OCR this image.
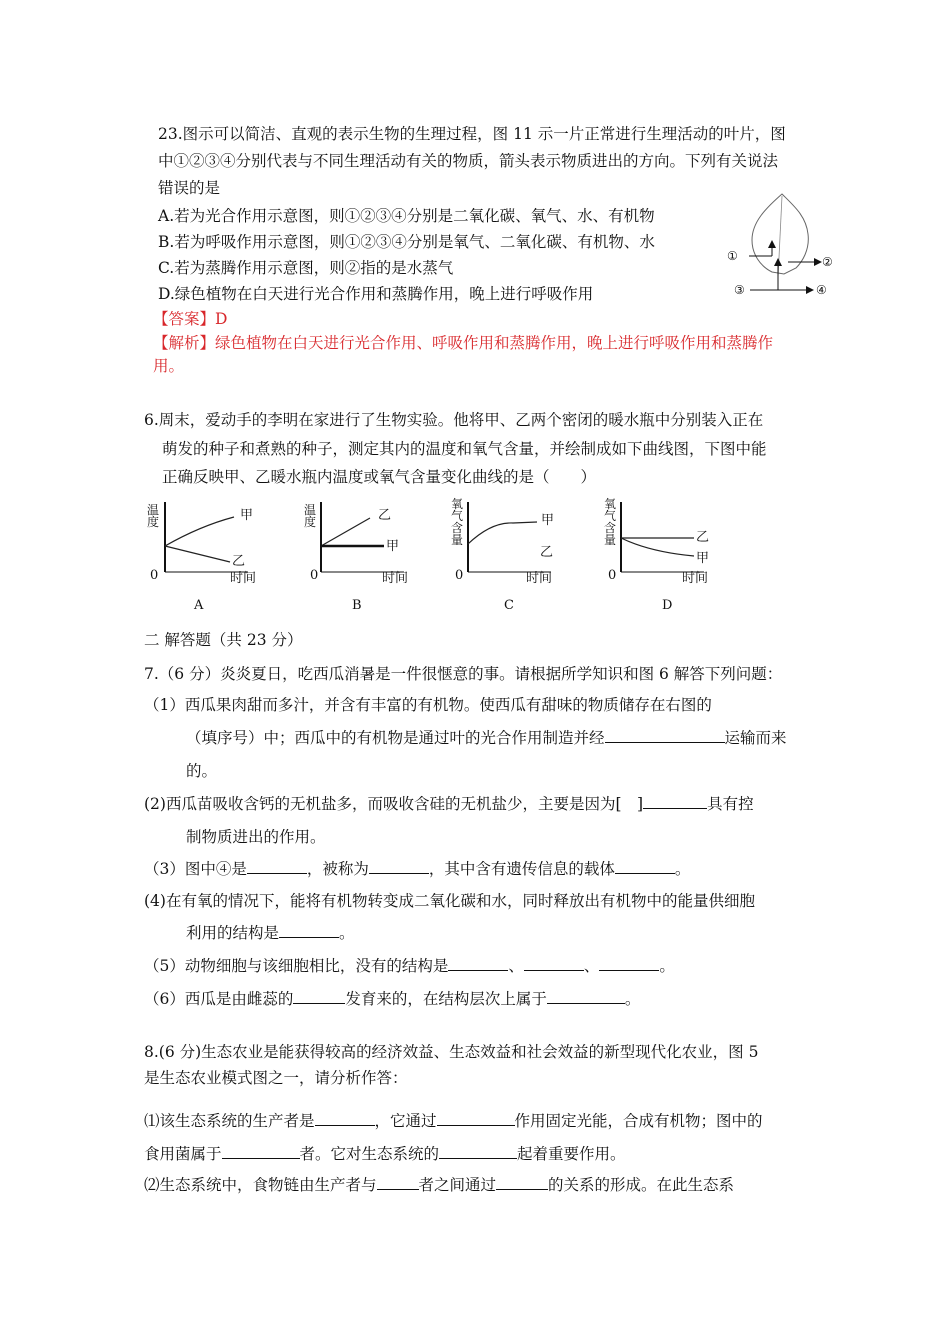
23.图示可以简洁、直观的表示生物的生理过程，图 11 示一片正常进行生理活动的叶片，图
中①②③④分别代表与不同生理活动有关的物质，箭头表示物质进出的方向。下列有关说法
错误的是
A.若为光合作用示意图，则①②③④分别是二氧化碳、氧气、水、有机物
B.若为呼吸作用示意图，则①②③④分别是氧气、二氧化碳、有机物、水
C.若为蒸腾作用示意图，则②指的是水蒸气
D.绿色植物在白天进行光合作用和蒸腾作用，晚上进行呼吸作用
【答案】D
【解析】绿色植物在白天进行光合作用、呼吸作用和蒸腾作用，晚上进行呼吸作用和蒸腾作
用。
①	②
③	④
6.周末，爱动手的李明在家进行了生物实验。他将甲、乙两个密闭的暖水瓶中分别装入正在
萌发的种子和煮熟的种子，测定其内的温度和氧气含量，并绘制成如下曲线图，下图中能
正确反映甲、乙暖水瓶内温度或氧气含量变化曲线的是（　　）
温
度	甲
乙
0	时间
A
温
度	乙
甲
0	时间
B
氧
气
含
量
甲
乙
0	时间
C
氧
气
含
量	乙
甲
0	时间
D
二 解答题（共 23 分）
7.（6 分）炎炎夏日，吃西瓜消暑是一件很惬意的事。请根据所学知识和图 6 解答下列问题：
（1）西瓜果肉甜而多汁，并含有丰富的有机物。使西瓜有甜味的物质储存在右图的
（填序号）中；西瓜中的有机物是通过叶的光合作用制造并经	运输而来
的。
(2)西瓜苗吸收含钙的无机盐多，而吸收含硅的无机盐少，主要是因为[　]	具有控
制物质进出的作用。
（3）图中④是	，被称为	，其中含有遗传信息的载体	。
(4)在有氧的情况下，能将有机物转变成二氧化碳和水，同时释放出有机物中的能量供细胞
利用的结构是	。
（5）动物细胞与该细胞相比，没有的结构是	、	、	。
（6）西瓜是由雌蕊的	发育来的，在结构层次上属于	。
8.(6 分)生态农业是能获得较高的经济效益、生态效益和社会效益的新型现代化农业，图 5
是生态农业模式图之一，请分析作答：
⑴该生态系统的生产者是	，它通过	作用固定光能，合成有机物；图中的
食用菌属于	者。它对生态系统的	起着重要作用。
⑵生态系统中，食物链由生产者与	者之间通过	的关系的形成。在此生态系
